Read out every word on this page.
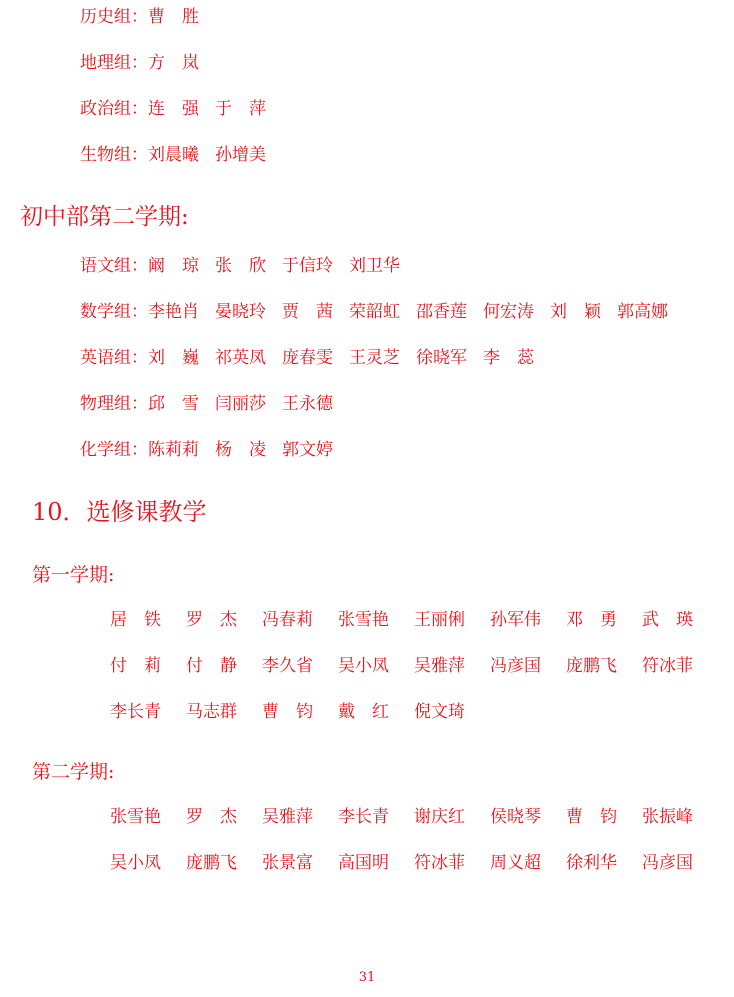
历史组：曹　胜
地理组：方　岚
政治组：连　强 于　萍
生物组：刘晨曦 孙增美
初中部第二学期:
语文组：阚　琼 张　欣 于信玲 刘卫华
数学组：李艳肖 晏晓玲 贾　茜 荣韶虹 邵香莲 何宏涛 刘　颖 郭高娜
英语组：刘　巍 祁英凤 庞春雯 王灵芝 徐晓军 李　蕊
物理组：邱　雪 闫丽莎 王永德
化学组：陈莉莉 杨　凌 郭文婷
10．选修课教学
第一学期:
居　铁	罗　杰	冯春莉	张雪艳	王丽俐	孙军伟	邓　勇	武　瑛
付　莉	付　静	李久省	吴小凤	吴雅萍	冯彦国	庞鹏飞	符冰菲
李长青	马志群	曹　钧	戴　红	倪文琦
第二学期:
张雪艳	罗　杰	吴雅萍	李长青	谢庆红	侯晓琴	曹　钧	张振峰
吴小凤	庞鹏飞	张景富	高国明	符冰菲	周义超	徐利华	冯彦国
31
